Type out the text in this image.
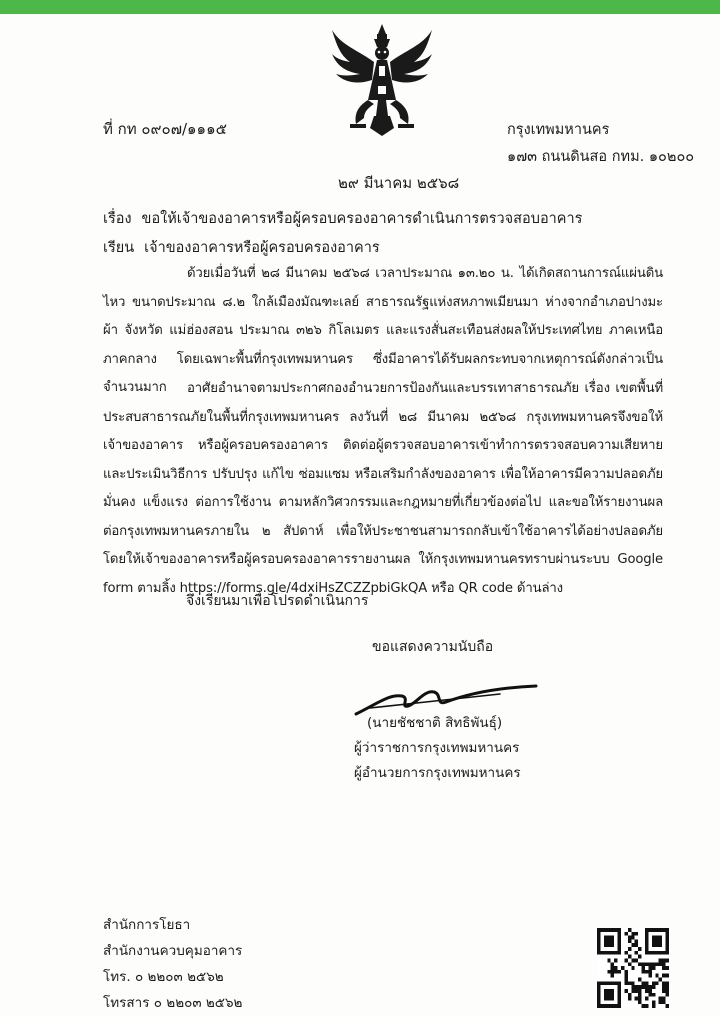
ที่ กท ๐๙๐๗/๑๑๑๕	กรุงเทพมหานคร
๑๗๓ ถนนดินสอ กทม. ๑๐๒๐๐
๒๙ มีนาคม ๒๕๖๘
เรื่อง ขอให้เจ้าของอาคารหรือผู้ครอบครองอาคารดำเนินการตรวจสอบอาคาร
เรียน เจ้าของอาคารหรือผู้ครอบครองอาคาร

ด้วยเมื่อวันที่ ๒๘ มีนาคม ๒๕๖๘ เวลาประมาณ ๑๓.๒๐ น. ได้เกิดสถานการณ์แผ่นดินไหว ขนาดประมาณ ๘.๒ ใกล้เมืองมัณฑะเลย์ สาธารณรัฐแห่งสหภาพเมียนมา ห่างจากอำเภอปางมะผ้า จังหวัด แม่ฮ่องสอน ประมาณ ๓๒๖ กิโลเมตร และแรงสั่นสะเทือนส่งผลให้ประเทศไทย ภาคเหนือ ภาคกลาง โดยเฉพาะพื้นที่กรุงเทพมหานคร ซึ่งมีอาคารได้รับผลกระทบจากเหตุการณ์ดังกล่าวเป็นจำนวนมาก	อาศัยอำนาจตามประกาศกองอำนวยการป้องกันและบรรเทาสาธารณภัย เรื่อง เขตพื้นที่ ประสบสาธารณภัยในพื้นที่กรุงเทพมหานคร ลงวันที่ ๒๘ มีนาคม ๒๕๖๘ กรุงเทพมหานครจึงขอให้เจ้าของอาคาร หรือผู้ครอบครองอาคาร ติดต่อผู้ตรวจสอบอาคารเข้าทำการตรวจสอบความเสียหาย และประเมินวิธีการ ปรับปรุง แก้ไข ซ่อมแซม หรือเสริมกำลังของอาคาร เพื่อให้อาคารมีความปลอดภัย มั่นคง แข็งแรง ต่อการใช้งาน ตามหลักวิศวกรรมและกฎหมายที่เกี่ยวข้องต่อไป และขอให้รายงานผลต่อกรุงเทพมหานครภายใน ๒ สัปดาห์ เพื่อให้ประชาชนสามารถกลับเข้าใช้อาคารได้อย่างปลอดภัย โดยให้เจ้าของอาคารหรือผู้ครอบครองอาคารรายงานผล ให้กรุงเทพมหานครทราบผ่านระบบ Google form ตามลิ้ง https://forms.gle/4dxiHsZCZZpbiGkQA หรือ QR code ด้านล่าง

จึงเรียนมาเพื่อโปรดดำเนินการ
ขอแสดงความนับถือ
(นายชัชชาติ สิทธิพันธุ์)
ผู้ว่าราชการกรุงเทพมหานคร
ผู้อำนวยการกรุงเทพมหานคร
สำนักการโยธา
สำนักงานควบคุมอาคาร
โทร. ๐ ๒๒๐๓ ๒๕๖๒
โทรสาร ๐ ๒๒๐๓ ๒๕๖๒
